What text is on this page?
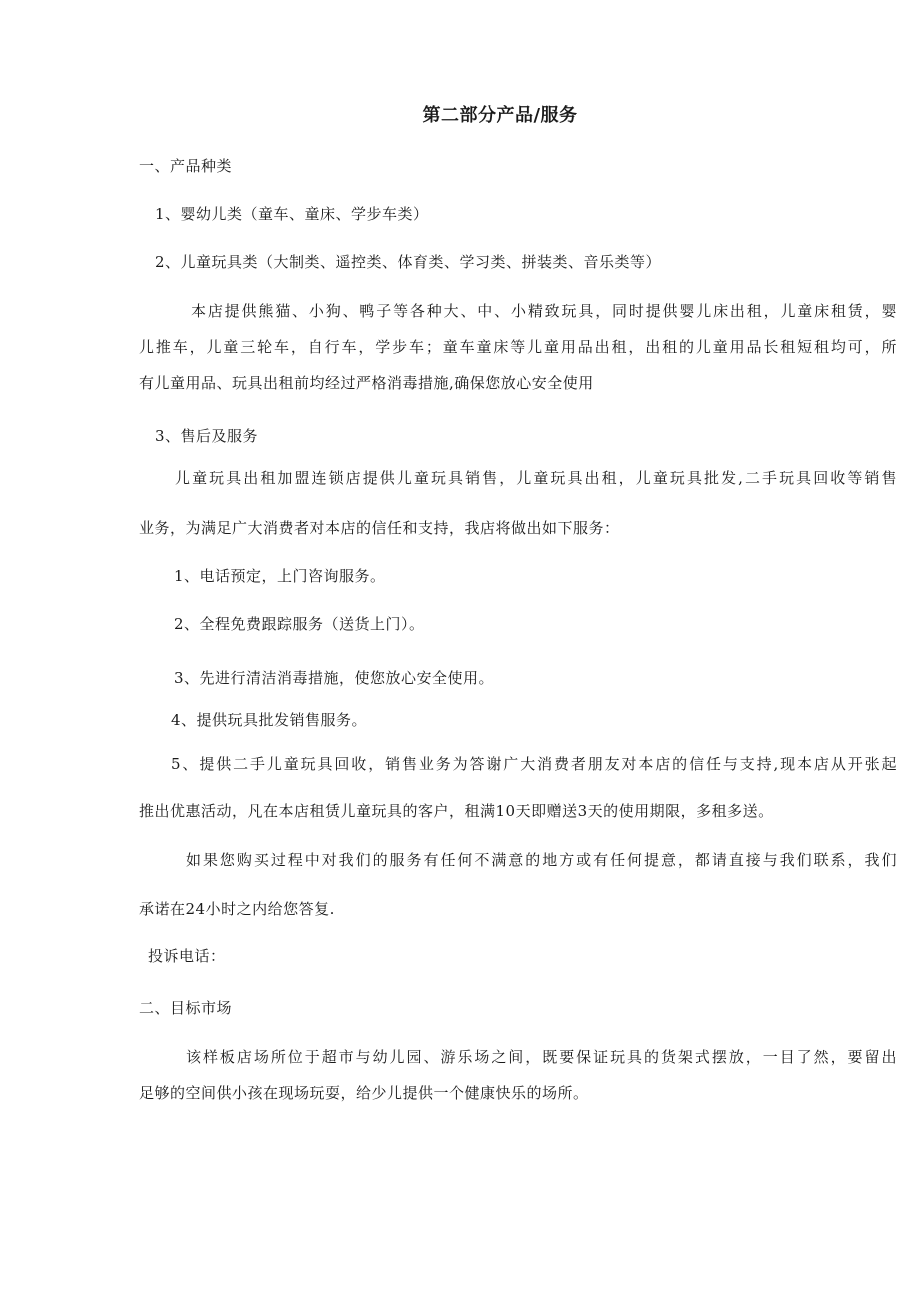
第二部分产品/服务
一、产品种类
1、婴幼儿类（童车、童床、学步车类）
2、儿童玩具类（大制类、遥控类、体育类、学习类、拼装类、音乐类等）
本店提供熊猫、小狗、鸭子等各种大、中、小精致玩具，同时提供婴儿床出租，儿童床租赁，婴
儿推车，儿童三轮车，自行车，学步车；童车童床等儿童用品出租，出租的儿童用品长租短租均可，所
有儿童用品、玩具出租前均经过严格消毒措施,确保您放心安全使用
3、售后及服务
儿童玩具出租加盟连锁店提供儿童玩具销售，儿童玩具出租，儿童玩具批发,二手玩具回收等销售
业务，为满足广大消费者对本店的信任和支持，我店将做出如下服务：
1、电话预定，上门咨询服务。
2、全程免费跟踪服务（送货上门）。
3、先进行清洁消毒措施，使您放心安全使用。
4、提供玩具批发销售服务。
5、提供二手儿童玩具回收，销售业务为答谢广大消费者朋友对本店的信任与支持,现本店从开张起
推出优惠活动，凡在本店租赁儿童玩具的客户，租满10天即赠送3天的使用期限，多租多送。
如果您购买过程中对我们的服务有任何不满意的地方或有任何提意，都请直接与我们联系，我们
承诺在24小时之内给您答复.
投诉电话：
二、目标市场
该样板店场所位于超市与幼儿园、游乐场之间，既要保证玩具的货架式摆放，一目了然，要留出
足够的空间供小孩在现场玩耍，给少儿提供一个健康快乐的场所。
